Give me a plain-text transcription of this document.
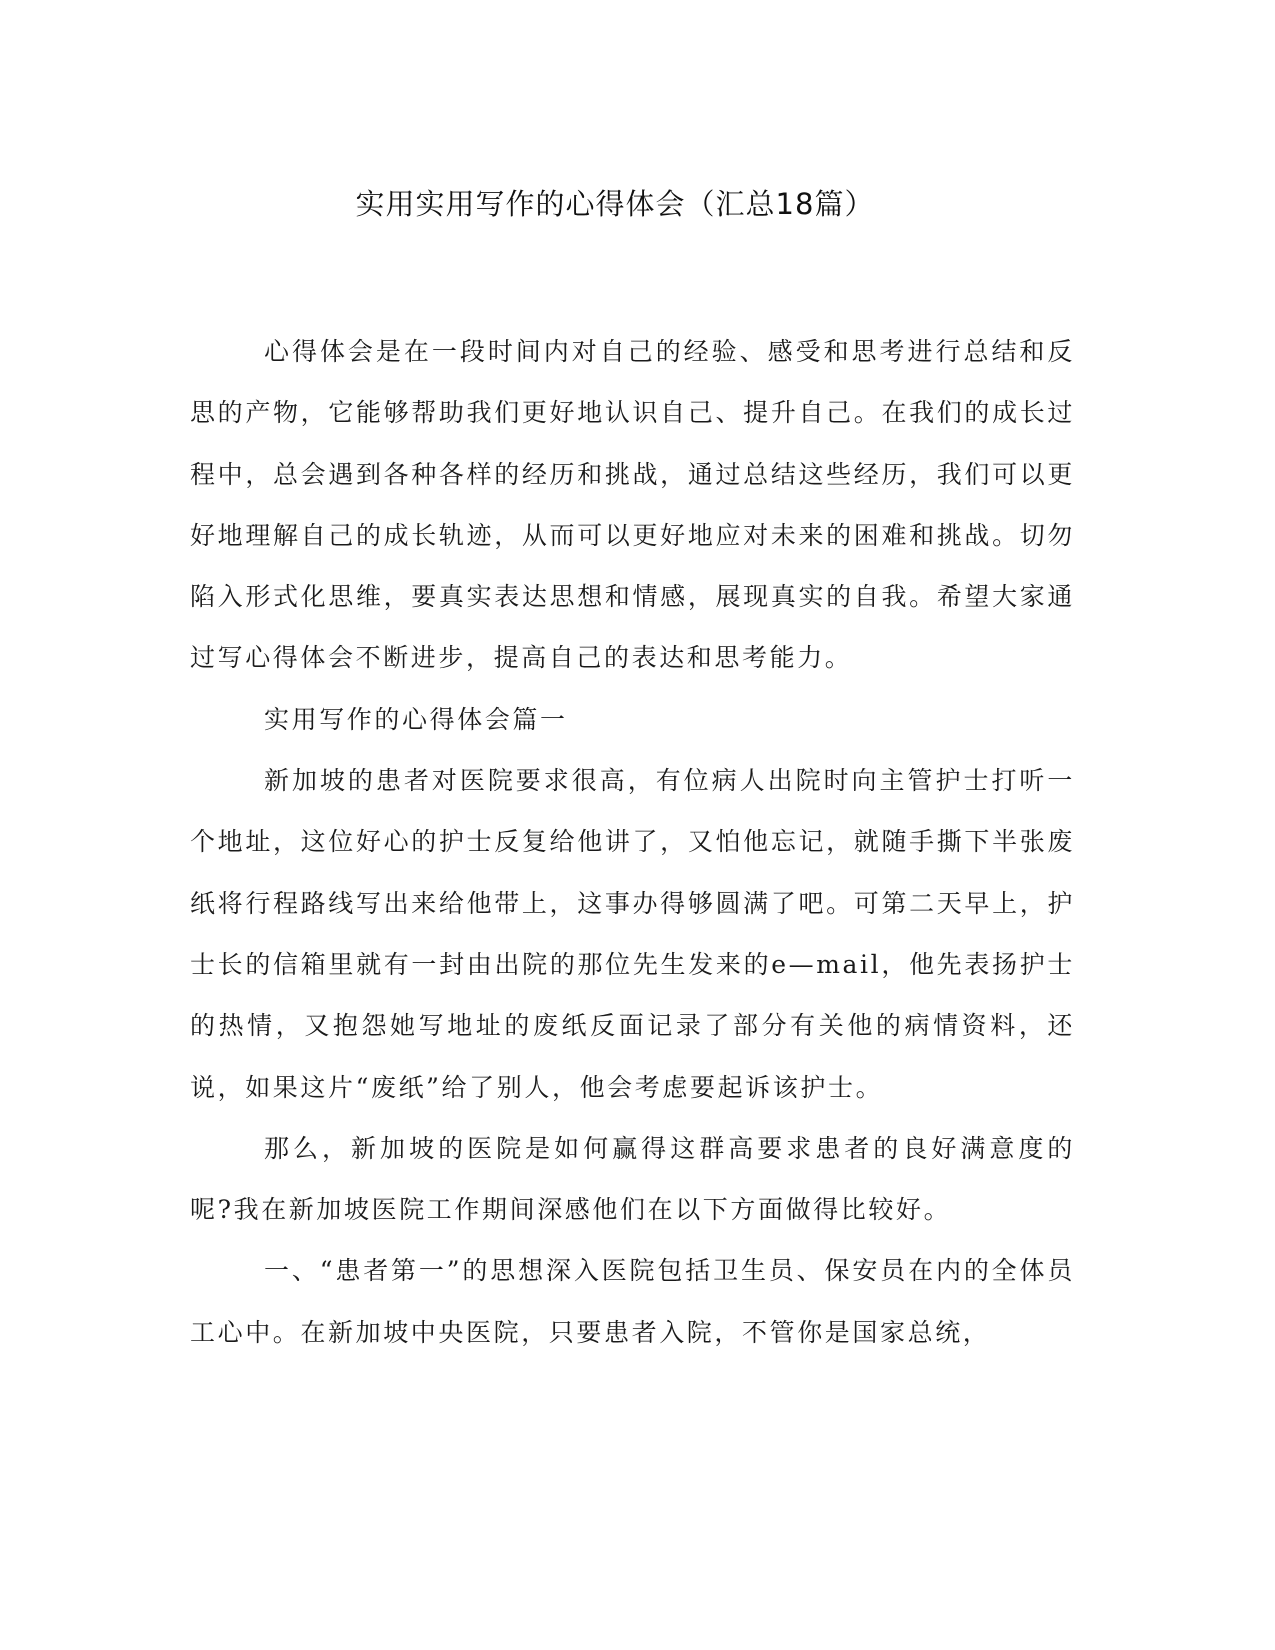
实用实用写作的心得体会（汇总18篇）

心得体会是在一段时间内对自己的经验、感受和思考进行总结和反思的产物，它能够帮助我们更好地认识自己、提升自己。在我们的成长过程中，总会遇到各种各样的经历和挑战，通过总结这些经历，我们可以更好地理解自己的成长轨迹，从而可以更好地应对未来的困难和挑战。切勿陷入形式化思维，要真实表达思想和情感，展现真实的自我。希望大家通过写心得体会不断进步，提高自己的表达和思考能力。

实用写作的心得体会篇一

新加坡的患者对医院要求很高，有位病人出院时向主管护士打听一个地址，这位好心的护士反复给他讲了，又怕他忘记，就随手撕下半张废纸将行程路线写出来给他带上，这事办得够圆满了吧。可第二天早上，护士长的信箱里就有一封由出院的那位先生发来的e—mail，他先表扬护士的热情，又抱怨她写地址的废纸反面记录了部分有关他的病情资料，还说，如果这片“废纸”给了别人，他会考虑要起诉该护士。

那么，新加坡的医院是如何赢得这群高要求患者的良好满意度的呢?我在新加坡医院工作期间深感他们在以下方面做得比较好。

一、“患者第一”的思想深入医院包括卫生员、保安员在内的全体员工心中。在新加坡中央医院，只要患者入院，不管你是国家总统，
